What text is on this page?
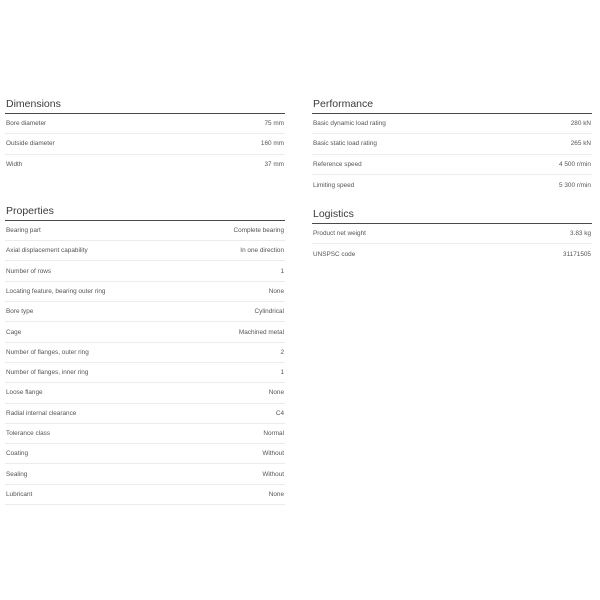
Dimensions
Bore diameter	75 mm
Outside diameter	160 mm
Width	37 mm
Properties
Bearing part	Complete bearing
Axial displacement capability	In one direction
Number of rows	1
Locating feature, bearing outer ring	None
Bore type	Cylindrical
Cage	Machined metal
Number of flanges, outer ring	2
Number of flanges, inner ring	1
Loose flange	None
Radial internal clearance	C4
Tolerance class	Normal
Coating	Without
Sealing	Without
Lubricant	None
Performance
Basic dynamic load rating	280 kN
Basic static load rating	265 kN
Reference speed	4 500 r/min
Limiting speed	5 300 r/min
Logistics
Product net weight	3.83 kg
UNSPSC code	31171505
